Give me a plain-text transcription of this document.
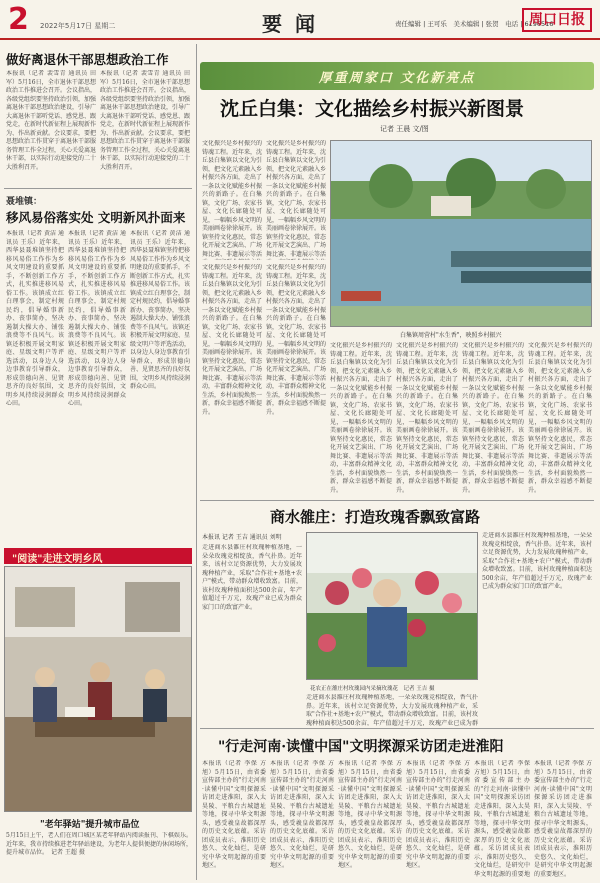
2 2022年5月17日 星期二	要 闻	责任编辑 | 王可乐　美术编辑 | 张贺　电话 | 6196516
周口日报
做好离退休干部思想政治工作
本报讯（记者 裴雪青 通讯员 田军）5月16日，全市退休干部思想政治工作推进会召开。会议指出，各级党组织要坚持政治引领，加强离退休干部思想政治建设，引导广大离退休干部听党话、感党恩、跟党走，在新时代新征程上展现新作为、作出新贡献。会议要求，要把思想政治工作贯穿于离退休干部服务管理工作全过程，关心关爱离退休干部，以实际行动迎接党的二十大胜利召开。
本报讯（记者 裴雪青 通讯员 田军）5月16日，全市退休干部思想政治工作推进会召开。会议指出，各级党组织要坚持政治引领，加强离退休干部思想政治建设，引导广大离退休干部听党话、感党恩、跟党走，在新时代新征程上展现新作为、作出新贡献。会议要求，要把思想政治工作贯穿于离退休干部服务管理工作全过程，关心关爱离退休干部，以实际行动迎接党的二十大胜利召开。
聂堆镇：
移风易俗落实处 文明新风扑面来
本报讯（记者 黄洁 通讯员 王乐）近年来，西华县聂堆镇坚持把移风易俗工作作为乡风文明建设的重要抓手，不断创新工作方式，扎实推进移风易俗工作。该镇成立红白理事会，制定村规民约，倡导婚事新办、丧事简办，坚决遏制大操大办、铺张浪费等不良风气。该镇还积极开展文明家庭、星级文明户等评选活动，以身边人身边事教育引导群众，形成崇德向善、见贤思齐的良好氛围，文明乡风持续浸润群众心田。
本报讯（记者 黄洁 通讯员 王乐）近年来，西华县聂堆镇坚持把移风易俗工作作为乡风文明建设的重要抓手，不断创新工作方式，扎实推进移风易俗工作。该镇成立红白理事会，制定村规民约，倡导婚事新办、丧事简办，坚决遏制大操大办、铺张浪费等不良风气。该镇还积极开展文明家庭、星级文明户等评选活动，以身边人身边事教育引导群众，形成崇德向善、见贤思齐的良好氛围，文明乡风持续浸润群众心田。
本报讯（记者 黄洁 通讯员 王乐）近年来，西华县聂堆镇坚持把移风易俗工作作为乡风文明建设的重要抓手，不断创新工作方式，扎实推进移风易俗工作。该镇成立红白理事会，制定村规民约，倡导婚事新办、丧事简办，坚决遏制大操大办、铺张浪费等不良风气。该镇还积极开展文明家庭、星级文明户等评选活动，以身边人身边事教育引导群众，形成崇德向善、见贤思齐的良好氛围，文明乡风持续浸润群众心田。
"阅读"走进文明乡风
"老年驿站"提升城市品位
5月15日上午，老人们在周口城区某老年驿站内阅读报刊、下棋娱乐。近年来，我市持续推进老年驿站建设，为老年人提供便捷的休闲场所，提升城市品位。　记者 王超 摄
厚重周家口 文化新亮点
沈丘白集：文化描绘乡村振兴新图景
记者 王晨 文/图
文化振兴是乡村振兴的铸魂工程。近年来，沈丘县白集镇以文化为引领，把文化元素融入乡村振兴各方面，走出了一条以文化赋能乡村振兴的新路子。在白集镇，文化广场、农家书屋、文化长廊随处可见，一幅幅乡风文明的美丽画卷徐徐展开。该镇坚持文化惠民，常态化开展文艺演出、广场舞比赛、非遗展示等活
文化振兴是乡村振兴的铸魂工程。近年来，沈丘县白集镇以文化为引领，把文化元素融入乡村振兴各方面，走出了一条以文化赋能乡村振兴的新路子。在白集镇，文化广场、农家书屋、文化长廊随处可见，一幅幅乡风文明的美丽画卷徐徐展开。该镇坚持文化惠民，常态化开展文艺演出、广场舞比赛、非遗展示等活
白集镇周营村"水生香"，映照乡村振兴
文化振兴是乡村振兴的铸魂工程。近年来，沈丘县白集镇以文化为引领，把文化元素融入乡村振兴各方面，走出了一条以文化赋能乡村振兴的新路子。在白集镇，文化广场、农家书屋、文化长廊随处可见，一幅幅乡风文明的美丽画卷徐徐展开。该镇坚持文化惠民，常态化开展文艺演出、广场舞比赛、非遗展示等活动，丰富群众精神文化生活，乡村面貌焕然一新，群众幸福感不断提升。
文化振兴是乡村振兴的铸魂工程。近年来，沈丘县白集镇以文化为引领，把文化元素融入乡村振兴各方面，走出了一条以文化赋能乡村振兴的新路子。在白集镇，文化广场、农家书屋、文化长廊随处可见，一幅幅乡风文明的美丽画卷徐徐展开。该镇坚持文化惠民，常态化开展文艺演出、广场舞比赛、非遗展示等活动，丰富群众精神文化生活，乡村面貌焕然一新，群众幸福感不断提升。
文化振兴是乡村振兴的铸魂工程。近年来，沈丘县白集镇以文化为引领，把文化元素融入乡村振兴各方面，走出了一条以文化赋能乡村振兴的新路子。在白集镇，文化广场、农家书屋、文化长廊随处可见，一幅幅乡风文明的美丽画卷徐徐展开。该镇坚持文化惠民，常态化开展文艺演出、广场舞比赛、非遗展示等活动，丰富群众精神文化生活，乡村面貌焕然一新，群众幸福感不断提升。
文化振兴是乡村振兴的铸魂工程。近年来，沈丘县白集镇以文化为引领，把文化元素融入乡村振兴各方面，走出了一条以文化赋能乡村振兴的新路子。在白集镇，文化广场、农家书屋、文化长廊随处可见，一幅幅乡风文明的美丽画卷徐徐展开。该镇坚持文化惠民，常态化开展文艺演出、广场舞比赛、非遗展示等活动，丰富群众精神文化生活，乡村面貌焕然一新，群众幸福感不断提升。
文化振兴是乡村振兴的铸魂工程。近年来，沈丘县白集镇以文化为引领，把文化元素融入乡村振兴各方面，走出了一条以文化赋能乡村振兴的新路子。在白集镇，文化广场、农家书屋、文化长廊随处可见，一幅幅乡风文明的美丽画卷徐徐展开。该镇坚持文化惠民，常态化开展文艺演出、广场舞比赛、非遗展示等活动，丰富群众精神文化生活，乡村面貌焕然一新，群众幸福感不断提升。
文化振兴是乡村振兴的铸魂工程。近年来，沈丘县白集镇以文化为引领，把文化元素融入乡村振兴各方面，走出了一条以文化赋能乡村振兴的新路子。在白集镇，文化广场、农家书屋、文化长廊随处可见，一幅幅乡风文明的美丽画卷徐徐展开。该镇坚持文化惠民，常态化开展文艺演出、广场舞比赛、非遗展示等活动，丰富群众精神文化生活，乡村面貌焕然一新，群众幸福感不断提升。
商水雒庄：打造玫瑰香飘致富路
本报讯 记者 王吉 通讯员 刘明
走进商水县雒庄村玫瑰种植基地，一朵朵玫瑰竞相绽放，香气扑鼻。近年来，该村立足资源优势，大力发展玫瑰种植产业，采取"合作社+基地+农户"模式，带动群众增收致富。目前，该村玫瑰种植面积达500余亩，年产值超过千万元，玫瑰产业已成为群众家门口的致富产业。
花农正在雒庄村玫瑰园内采摘玫瑰花　记者 王吉 摄
走进商水县雒庄村玫瑰种植基地，一朵朵玫瑰竞相绽放，香气扑鼻。近年来，该村立足资源优势，大力发展玫瑰种植产业，采取"合作社+基地+农户"模式，带动群众增收致富。目前，该村玫瑰种植面积达500余亩，年产值超过千万元，玫瑰产业已成为群
走进商水县雒庄村玫瑰种植基地，一朵朵玫瑰竞相绽放，香气扑鼻。近年来，该村立足资源优势，大力发展玫瑰种植产业，采取"合作社+基地+农户"模式，带动群众增收致富。目前，该村玫瑰种植面积达500余亩，年产值超过千万元，玫瑰产业已成为群众家门口的致富产业。
"行走河南·读懂中国"文明探源采访团走进淮阳
本报讯（记者 李保 方旭）5月15日，由省委宣传部主办的"行走河南·读懂中国"文明探源采访团走进淮阳，深入太昊陵、平粮台古城遗址等地，探寻中华文明源头，感受羲皇故都深厚的历史文化底蕴。采访团成员表示，淮阳历史悠久、文化灿烂，是研究中华文明起源的重要地区。
本报讯（记者 李保 方旭）5月15日，由省委宣传部主办的"行走河南·读懂中国"文明探源采访团走进淮阳，深入太昊陵、平粮台古城遗址等地，探寻中华文明源头，感受羲皇故都深厚的历史文化底蕴。采访团成员表示，淮阳历史悠久、文化灿烂，是研究中华文明起源的重要地区。
本报讯（记者 李保 方旭）5月15日，由省委宣传部主办的"行走河南·读懂中国"文明探源采访团走进淮阳，深入太昊陵、平粮台古城遗址等地，探寻中华文明源头，感受羲皇故都深厚的历史文化底蕴。采访团成员表示，淮阳历史悠久、文化灿烂，是研究中华文明起源的重要地区。
本报讯（记者 李保 方旭）5月15日，由省委宣传部主办的"行走河南·读懂中国"文明探源采访团走进淮阳，深入太昊陵、平粮台古城遗址等地，探寻中华文明源头，感受羲皇故都深厚的历史文化底蕴。采访团成员表示，淮阳历史悠久、文化灿烂，是研究中华文明起源的重要地区。
本报讯（记者 李保 方旭）5月15日，由省委宣传部主办的"行走河南·读懂中国"文明探源采访团走进淮阳，深入太昊陵、平粮台古城遗址等地，探寻中华文明源头，感受羲皇故都深厚的历史文化底蕴。采访团成员表示，淮阳历史悠久、文化灿烂，是研究中华文明起源的重要地
本报讯（记者 李保 方旭）5月15日，由省委宣传部主办的"行走河南·读懂中国"文明探源采访团走进淮阳，深入太昊陵、平粮台古城遗址等地，探寻中华文明源头，感受羲皇故都深厚的历史文化底蕴。采访团成员表示，淮阳历史悠久、文化灿烂，是研究中华文明起源的重要地区。
